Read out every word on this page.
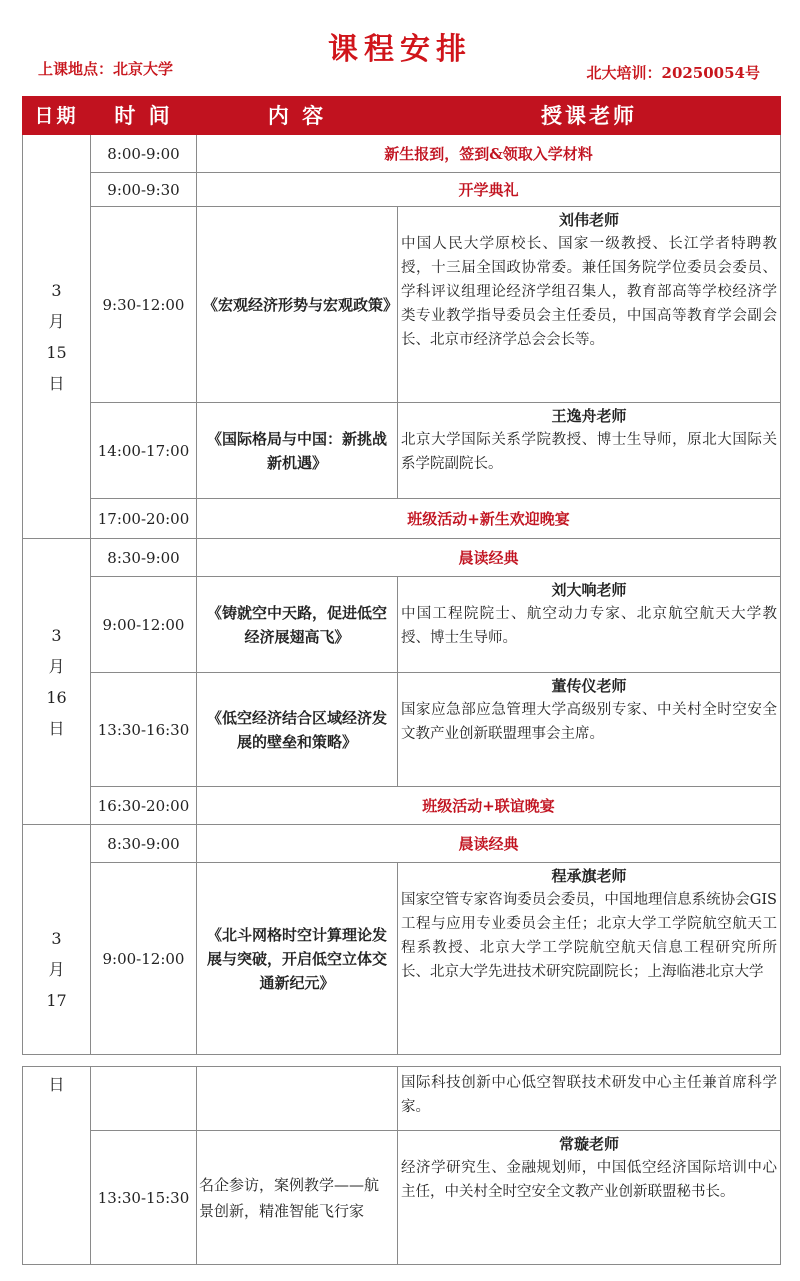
课程安排
上课地点：北京大学	北大培训：20250054号
日期	时 间	内 容	授课老师
3
月
15
日	8:00-9:00	新生报到，签到&领取入学材料	
	9:00-9:30	开学典礼	
	9:30-12:00	《宏观经济形势与宏观政策》	刘伟老师
中国人民大学原校长、国家一级教授、长江学者特聘教授，十三届全国政协常委。兼任国务院学位委员会委员、学科评议组理论经济学组召集人，教育部高等学校经济学类专业教学指导委员会主任委员，中国高等教育学会副会长、北京市经济学总会会长等。

	14:00-17:00	《国际格局与中国：新挑战 新机遇》	王逸舟老师
北京大学国际关系学院教授、博士生导师，原北大国际关系学院副院长。

	17:00-20:00	班级活动+新生欢迎晚宴	
3
月
16
日	8:30-9:00	晨读经典	
	9:00-12:00	《铸就空中天路，促进低空经济展翅高飞》	刘大响老师
中国工程院院士、航空动力专家、北京航空航天大学教授、博士生导师。

	13:30-16:30	《低空经济结合区域经济发展的壁垒和策略》	董传仪老师
国家应急部应急管理大学高级别专家、中关村全时空安全文教产业创新联盟理事会主席。

	16:30-20:00	班级活动+联谊晚宴	
3
月
17	8:30-9:00	晨读经典	
	9:00-12:00	《北斗网格时空计算理论发展与突破，开启低空立体交通新纪元》	程承旗老师
国家空管专家咨询委员会委员，中国地理信息系统协会GIS工程与应用专业委员会主任；北京大学工学院航空航天工程系教授、北京大学工学院航空航天信息工程研究所所长、北京大学先进技术研究院副院长；上海临港北京大学
日			国际科技创新中心低空智联技术研发中心主任兼首席科学家。

	13:30-15:30	名企参访，案例教学——航景创新，精准智能飞行家	常璇老师
经济学研究生、金融规划师，中国低空经济国际培训中心主任，中关村全时空安全文教产业创新联盟秘书长。
